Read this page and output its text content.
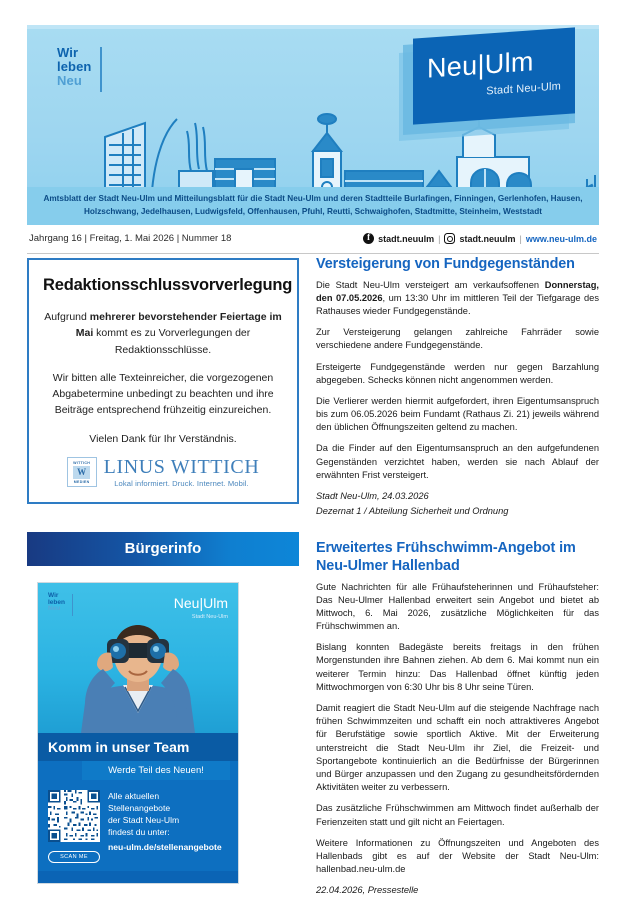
Wir
leben
Neu	Neu|Ulm
Stadt Neu-Ulm
Amtsblatt der Stadt Neu-Ulm und Mitteilungsblatt für die Stadt Neu-Ulm und deren Stadtteile Burlafingen, Finningen, Gerlenhofen, Hausen, Holzschwang, Jedelhausen, Ludwigsfeld, Offenhausen, Pfuhl, Reutti, Schwaighofen, Stadtmitte, Steinheim, Weststadt
Jahrgang 16 | Freitag, 1. Mai 2026 | Nummer 18 f	stadt.neuulm | stadt.neuulm | www.neu-ulm.de
Redaktionsschlussvorverlegung

Aufgrund mehrerer bevorstehender Feiertage im Mai kommt es zu Vorverlegungen der Redaktionsschlüsse.

Wir bitten alle Texteinreicher, die vorgezogenen Abgabetermine unbedingt zu beachten und ihre Beiträge entsprechend frühzeitig einzureichen.

Vielen Dank für Ihr Verständnis.

WITTICH
W
MEDIEN
LINUS WITTICH
Lokal informiert. Druck. Internet. Mobil.
Bürgerinfo
Wir
leben
Neu	Neu|Ulm
Stadt Neu-Ulm
Komm in unser Team
Werde Teil des Neuen!
SCAN ME
Alle aktuellen
Stellenangebote
der Stadt Neu-Ulm
findest du unter:
neu-ulm.de/stellenangebote
Versteigerung von Fundgegenständen

Die Stadt Neu-Ulm versteigert am verkaufsoffenen Donnerstag, den 07.05.2026, um 13:30 Uhr im mittleren Teil der Tiefgarage des Rathauses wieder Fundgegenstände.

Zur Versteigerung gelangen zahlreiche Fahrräder sowie verschiedene andere Fundgegenstände.

Ersteigerte Fundgegenstände werden nur gegen Barzahlung abgegeben. Schecks können nicht angenommen werden.

Die Verlierer werden hiermit aufgefordert, ihren Eigentumsanspruch bis zum 06.05.2026 beim Fundamt (Rathaus Zi. 21) jeweils während den üblichen Öffnungszeiten geltend zu machen.

Da die Finder auf den Eigentumsanspruch an den aufgefundenen Gegenständen verzichtet haben, werden sie nach Ablauf der erwähnten Frist versteigert.

Stadt Neu-Ulm, 24.03.2026

Dezernat 1 / Abteilung Sicherheit und Ordnung

Erweitertes Frühschwimm-Angebot im Neu-Ulmer Hallenbad

Gute Nachrichten für alle Frühaufsteherinnen und Frühaufsteher: Das Neu-Ulmer Hallenbad erweitert sein Angebot und bietet ab Mittwoch, 6. Mai 2026, zusätzliche Möglichkeiten für das Frühschwimmen an.

Bislang konnten Badegäste bereits freitags in den frühen Morgenstunden ihre Bahnen ziehen. Ab dem 6. Mai kommt nun ein weiterer Termin hinzu: Das Hallenbad öffnet künftig jeden Mittwochmorgen von 6:30 Uhr bis 8 Uhr seine Türen.

Damit reagiert die Stadt Neu-Ulm auf die steigende Nachfrage nach frühen Schwimmzeiten und schafft ein noch attraktiveres Angebot für Berufstätige sowie sportlich Aktive. Mit der Erweiterung unterstreicht die Stadt Neu-Ulm ihr Ziel, die Freizeit- und Sportangebote kontinuierlich an die Bedürfnisse der Bürgerinnen und Bürger anzupassen und den Zugang zu gesundheitsfördernden Aktivitäten weiter zu verbessern.

Das zusätzliche Frühschwimmen am Mittwoch findet außerhalb der Ferienzeiten statt und gilt nicht an Feiertagen.

Weitere Informationen zu Öffnungszeiten und Angeboten des Hallenbads gibt es auf der Website der Stadt Neu-Ulm: hallenbad.neu-ulm.de

22.04.2026, Pressestelle
